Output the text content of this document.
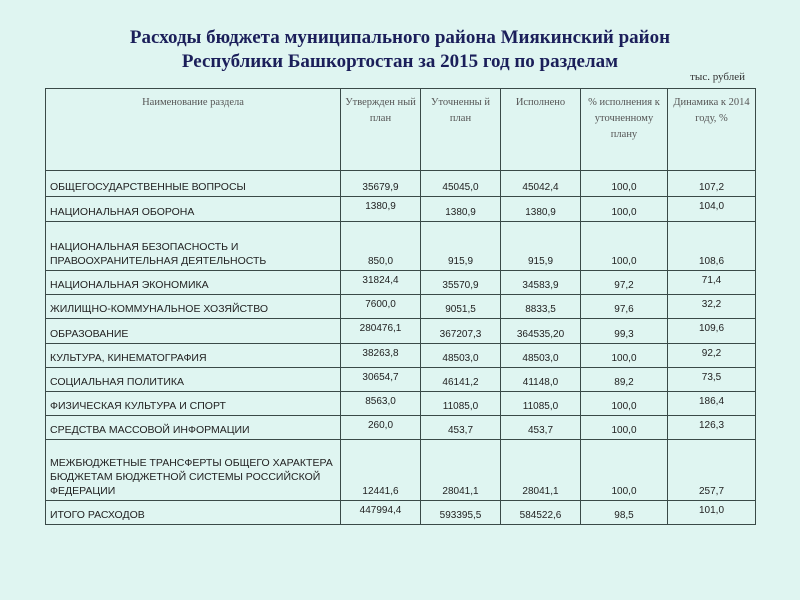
Расходы бюджета муниципального района Миякинский район
Республики Башкортостан за 2015 год по разделам
тыс. рублей
Наименование раздела	Утвержден ный план	Уточненны й план	Исполнено	% исполнения к уточненному плану	Динамика к 2014 году, %
ОБЩЕГОСУДАРСТВЕННЫЕ ВОПРОСЫ	35679,9	45045,0	45042,4	100,0	107,2
НАЦИОНАЛЬНАЯ ОБОРОНА	1380,9	1380,9	1380,9	100,0	104,0
НАЦИОНАЛЬНАЯ БЕЗОПАСНОСТЬ И ПРАВООХРАНИТЕЛЬНАЯ ДЕЯТЕЛЬНОСТЬ	850,0	915,9	915,9	100,0	108,6
НАЦИОНАЛЬНАЯ ЭКОНОМИКА	31824,4	35570,9	34583,9	97,2	71,4
ЖИЛИЩНО-КОММУНАЛЬНОЕ ХОЗЯЙСТВО	7600,0	9051,5	8833,5	97,6	32,2
ОБРАЗОВАНИЕ	280476,1	367207,3	364535,20	99,3	109,6
КУЛЬТУРА, КИНЕМАТОГРАФИЯ	38263,8	48503,0	48503,0	100,0	92,2
СОЦИАЛЬНАЯ ПОЛИТИКА	30654,7	46141,2	41148,0	89,2	73,5
ФИЗИЧЕСКАЯ КУЛЬТУРА И СПОРТ	8563,0	11085,0	11085,0	100,0	186,4
СРЕДСТВА МАССОВОЙ ИНФОРМАЦИИ	260,0	453,7	453,7	100,0	126,3
МЕЖБЮДЖЕТНЫЕ ТРАНСФЕРТЫ ОБЩЕГО ХАРАКТЕРА БЮДЖЕТАМ БЮДЖЕТНОЙ СИСТЕМЫ РОССИЙСКОЙ ФЕДЕРАЦИИ	12441,6	28041,1	28041,1	100,0	257,7
ИТОГО РАСХОДОВ	447994,4	593395,5	584522,6	98,5	101,0
